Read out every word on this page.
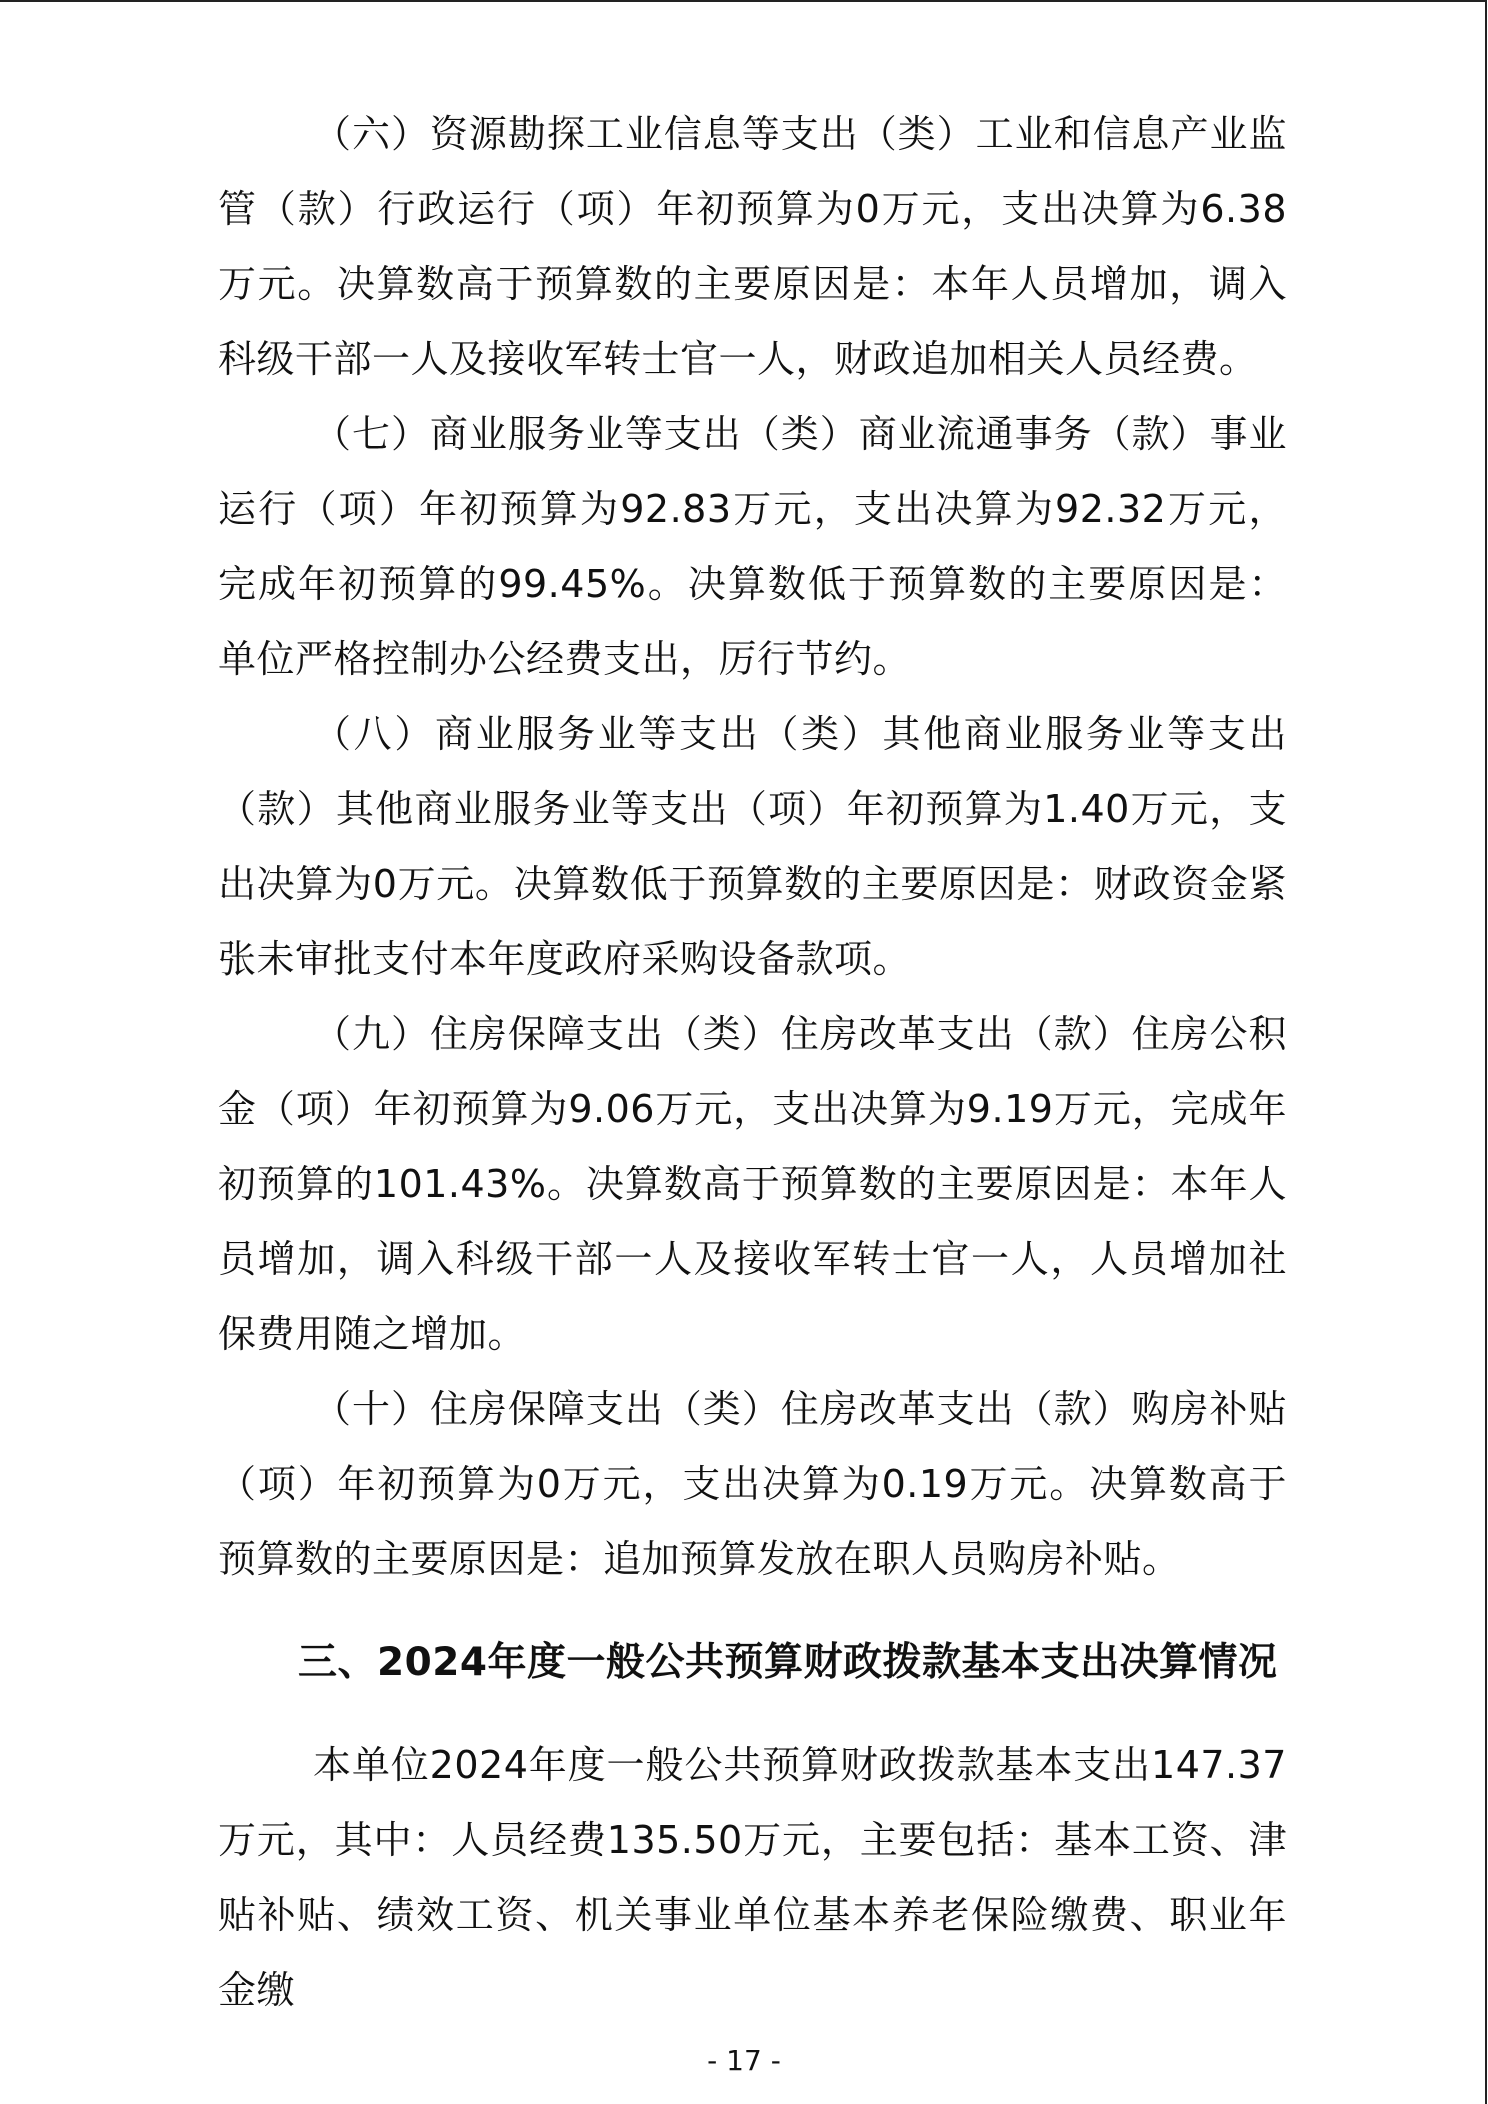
（六）资源勘探工业信息等支出（类）工业和信息产业监管（款）行政运行（项）年初预算为0万元，支出决算为6.38万元。决算数高于预算数的主要原因是：本年人员增加，调入科级干部一人及接收军转士官一人，财政追加相关人员经费。

（七）商业服务业等支出（类）商业流通事务（款）事业运行（项）年初预算为92.83万元，支出决算为92.32万元，完成年初预算的99.45%。决算数低于预算数的主要原因是：单位严格控制办公经费支出，厉行节约。

（八）商业服务业等支出（类）其他商业服务业等支出（款）其他商业服务业等支出（项）年初预算为1.40万元，支出决算为0万元。决算数低于预算数的主要原因是：财政资金紧张未审批支付本年度政府采购设备款项。

（九）住房保障支出（类）住房改革支出（款）住房公积金（项）年初预算为9.06万元，支出决算为9.19万元，完成年初预算的101.43%。决算数高于预算数的主要原因是：本年人员增加，调入科级干部一人及接收军转士官一人，人员增加社保费用随之增加。

（十）住房保障支出（类）住房改革支出（款）购房补贴（项）年初预算为0万元，支出决算为0.19万元。决算数高于预算数的主要原因是：追加预算发放在职人员购房补贴。

三、2024年度一般公共预算财政拨款基本支出决算情况

本单位2024年度一般公共预算财政拨款基本支出147.37万元，其中：人员经费135.50万元，主要包括：基本工资、津贴补贴、绩效工资、机关事业单位基本养老保险缴费、职业年金缴

- 17 -
